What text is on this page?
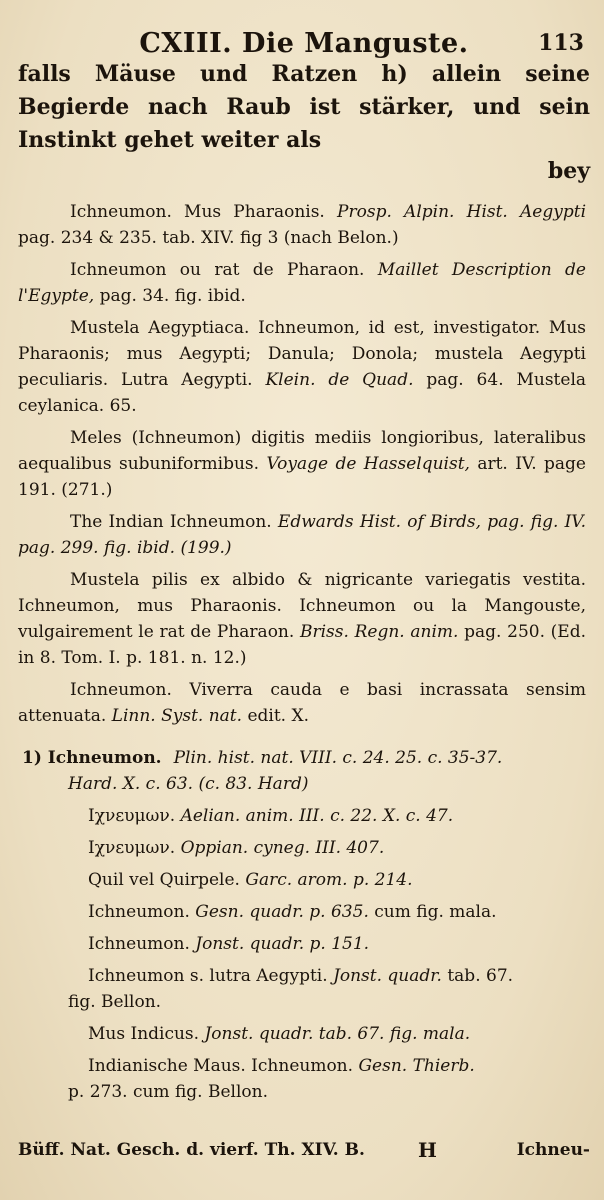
CXIII. Die Manguste.	113

falls Mäuse und Ratzen h) allein seine Begierde nach Raub ist stärker, und sein Instinkt gehet weiter als

bey

Ichneumon. Mus Pharaonis. Prosp. Alpin. Hist. Aegypti pag. 234 & 235. tab. XIV. fig 3 (nach Belon.)

Ichneumon ou rat de Pharaon. Maillet Description de l'Egypte, pag. 34. fig. ibid.

Mustela Aegyptiaca. Ichneumon, id est, investigator. Mus Pharaonis; mus Aegypti; Danula; Donola; mustela Aegypti peculiaris. Lutra Aegypti. Klein. de Quad. pag. 64. Mustela ceylanica. 65.

Meles (Ichneumon) digitis mediis longioribus, lateralibus aequalibus subuniformibus. Voyage de Hasselquist, art. IV. page 191. (271.)

The Indian Ichneumon. Edwards Hist. of Birds, pag. fig. IV. pag. 299. fig. ibid. (199.)

Mustela pilis ex albido & nigricante variegatis vestita. Ichneumon, mus Pharaonis. Ichneumon ou la Mangouste, vulgairement le rat de Pharaon. Briss. Regn. anim. pag. 250. (Ed. in 8. Tom. I. p. 181. n. 12.)

Ichneumon. Viverra cauda e basi incrassata sensim attenuata. Linn. Syst. nat. edit. X.

1) Ichneumon. Plin. hist. nat. VIII. c. 24. 25. c. 35-37.
Hard. X. c. 63. (c. 83. Hard)

Ιχνευμων. Aelian. anim. III. c. 22. X. c. 47.

Ιχνευμων. Oppian. cyneg. III. 407.

Quil vel Quirpele. Garc. arom. p. 214.

Ichneumon. Gesn. quadr. p. 635. cum fig. mala.

Ichneumon. Jonst. quadr. p. 151.

Ichneumon s. lutra Aegypti. Jonst. quadr. tab. 67.
fig. Bellon.

Mus Indicus. Jonst. quadr. tab. 67. fig. mala.

Indianische Maus. Ichneumon. Gesn. Thierb.
p. 273. cum fig. Bellon.

Büff. Nat. Gesch. d. vierf. Th. XIV. B.	H	Ichneu-
